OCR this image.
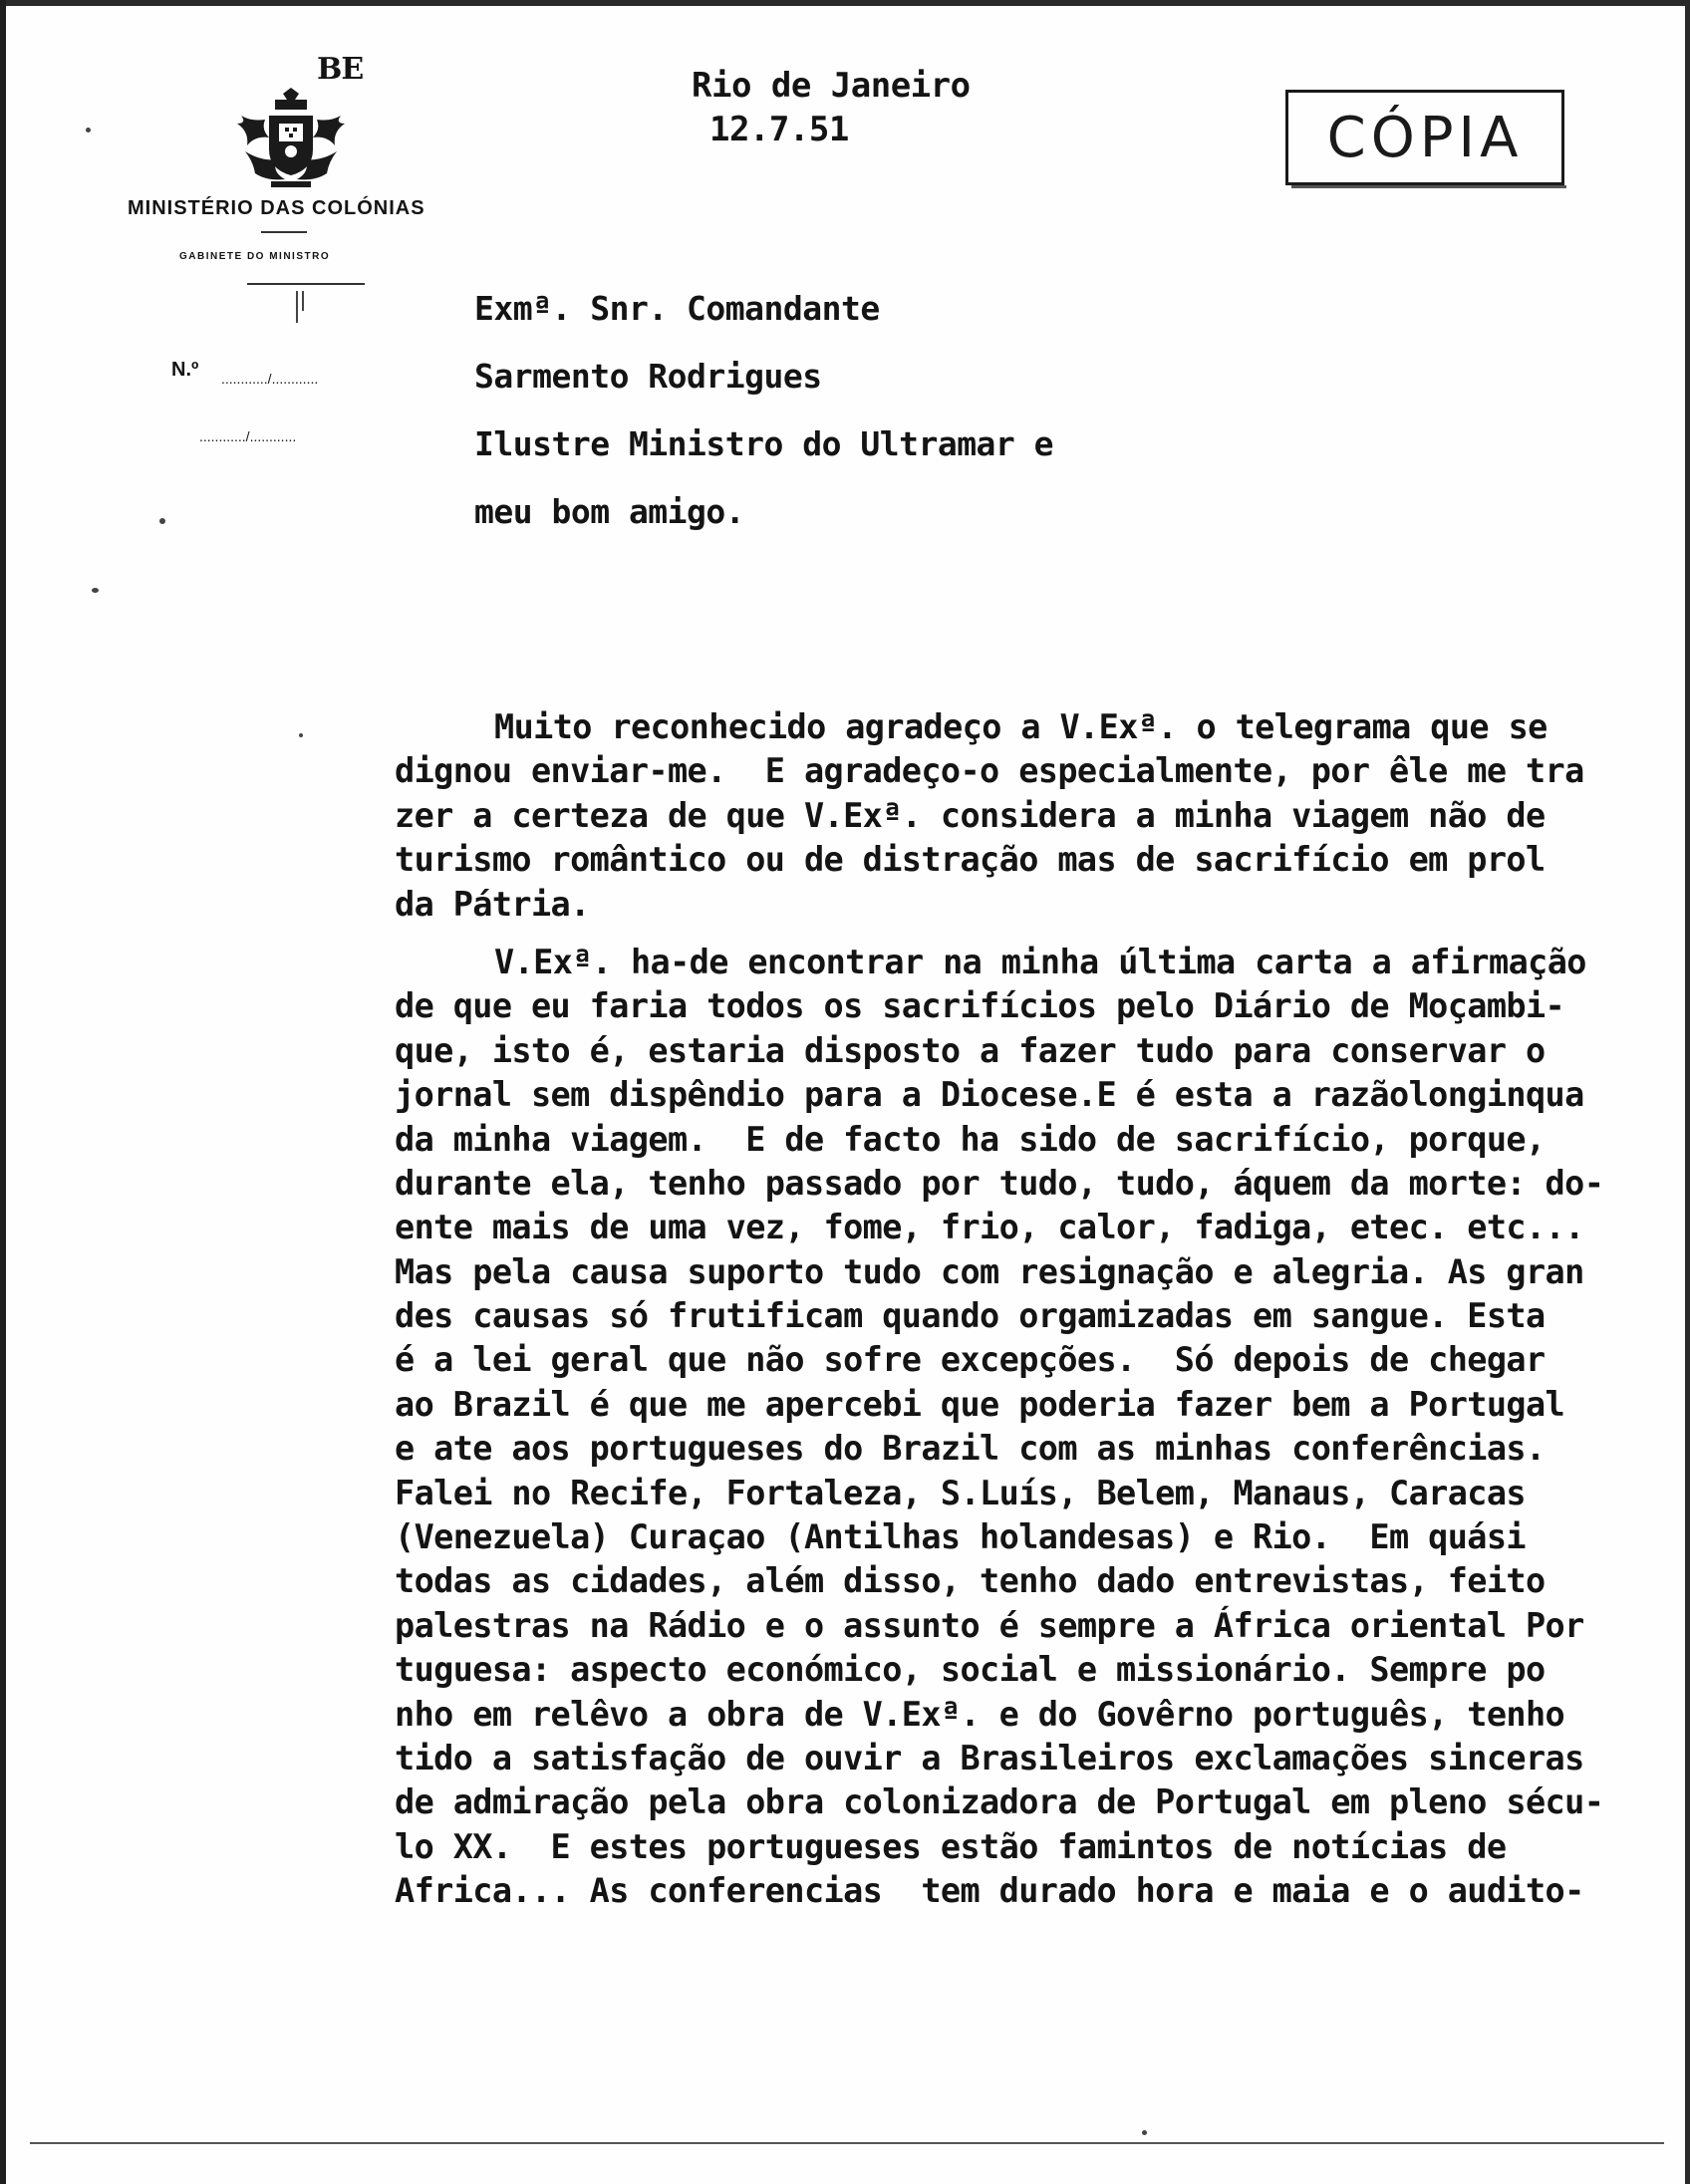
BE
MINISTÉRIO DAS COLÓNIAS
GABINETE DO MINISTRO
N.º ............/............
............/............
Rio de Janeiro
12.7.51	CÓPIA
Exmª. Snr. Comandante
Sarmento Rodrigues
Ilustre Ministro do Ultramar e
meu bom amigo.
Muito reconhecido agradeço a V.Exª. o telegrama que se
dignou enviar-me.  E agradeço-o especialmente, por êle me tra
zer a certeza de que V.Exª. considera a minha viagem não de
turismo romântico ou de distração mas de sacrifício em prol
da Pátria.
V.Exª. ha-de encontrar na minha última carta a afirmação
de que eu faria todos os sacrifícios pelo Diário de Moçambi-
que, isto é, estaria disposto a fazer tudo para conservar o
jornal sem dispêndio para a Diocese.E é esta a razãolonginqua
da minha viagem.  E de facto ha sido de sacrifício, porque,
durante ela, tenho passado por tudo, tudo, áquem da morte: do-
ente mais de uma vez, fome, frio, calor, fadiga, etec. etc...
Mas pela causa suporto tudo com resignação e alegria. As gran
des causas só frutificam quando orgamizadas em sangue. Esta
é a lei geral que não sofre excepções.  Só depois de chegar
ao Brazil é que me apercebi que poderia fazer bem a Portugal
e ate aos portugueses do Brazil com as minhas conferências.
Falei no Recife, Fortaleza, S.Luís, Belem, Manaus, Caracas
(Venezuela) Curaçao (Antilhas holandesas) e Rio.  Em quási
todas as cidades, além disso, tenho dado entrevistas, feito
palestras na Rádio e o assunto é sempre a África oriental Por
tuguesa: aspecto económico, social e missionário. Sempre po
nho em relêvo a obra de V.Exª. e do Govêrno português, tenho
tido a satisfação de ouvir a Brasileiros exclamações sinceras
de admiração pela obra colonizadora de Portugal em pleno sécu-
lo XX.  E estes portugueses estão famintos de notícias de
Africa... As conferencias  tem durado hora e maia e o audito-
